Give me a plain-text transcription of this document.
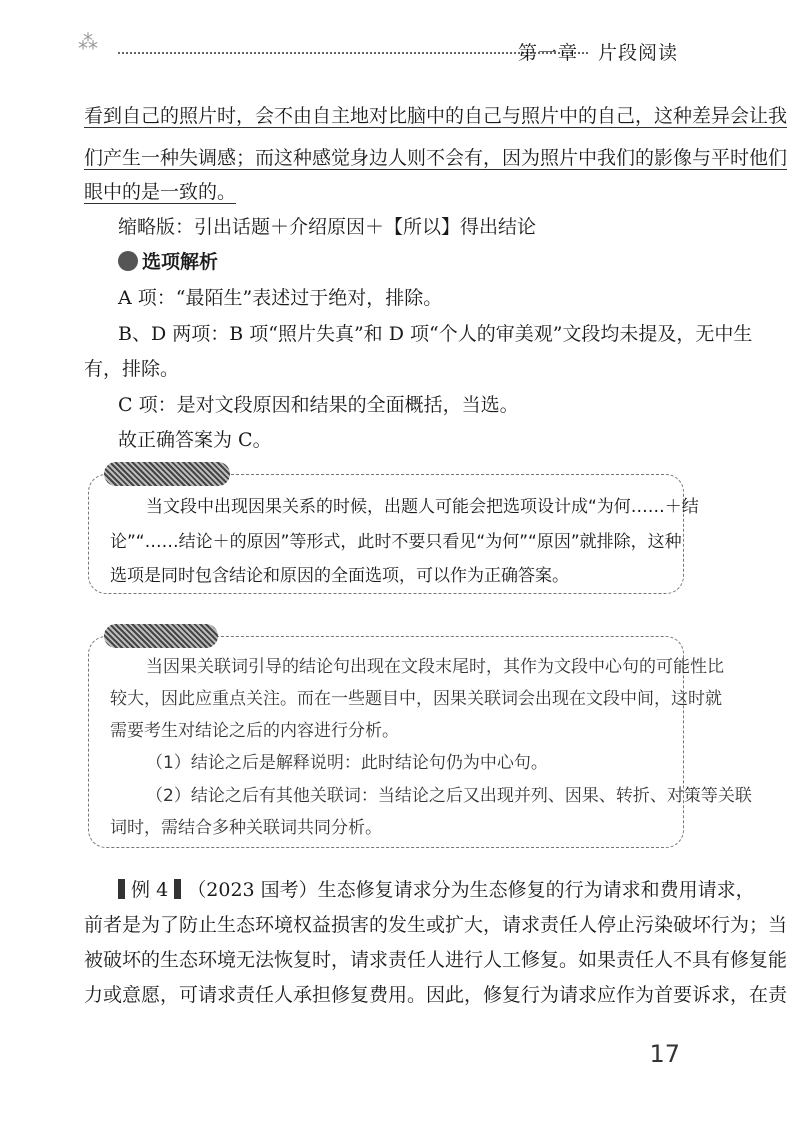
⁂	第一章　片段阅读
看到自己的照片时，会不由自主地对比脑中的自己与照片中的自己，这种差异会让我
们产生一种失调感；而这种感觉身边人则不会有，因为照片中我们的影像与平时他们
眼中的是一致的。
缩略版：引出话题＋介绍原因＋【所以】得出结论
选项解析
A 项：“最陌生”表述过于绝对，排除。
B、D 两项：B 项“照片失真”和 D 项“个人的审美观”文段均未提及，无中生
有，排除。
C 项：是对文段原因和结果的全面概括，当选。
故正确答案为 C。
当文段中出现因果关系的时候，出题人可能会把选项设计成“为何……＋结
论”“……结论＋的原因”等形式，此时不要只看见“为何”“原因”就排除，这种
选项是同时包含结论和原因的全面选项，可以作为正确答案。
当因果关联词引导的结论句出现在文段末尾时，其作为文段中心句的可能性比
较大，因此应重点关注。而在一些题目中，因果关联词会出现在文段中间，这时就
需要考生对结论之后的内容进行分析。
（1）结论之后是解释说明：此时结论句仍为中心句。
（2）结论之后有其他关联词：当结论之后又出现并列、因果、转折、对策等关联
词时，需结合多种关联词共同分析。
例 4 （2023 国考）生态修复请求分为生态修复的行为请求和费用请求，
前者是为了防止生态环境权益损害的发生或扩大，请求责任人停止污染破坏行为；当
被破坏的生态环境无法恢复时，请求责任人进行人工修复。如果责任人不具有修复能
力或意愿，可请求责任人承担修复费用。因此，修复行为请求应作为首要诉求，在责
17
